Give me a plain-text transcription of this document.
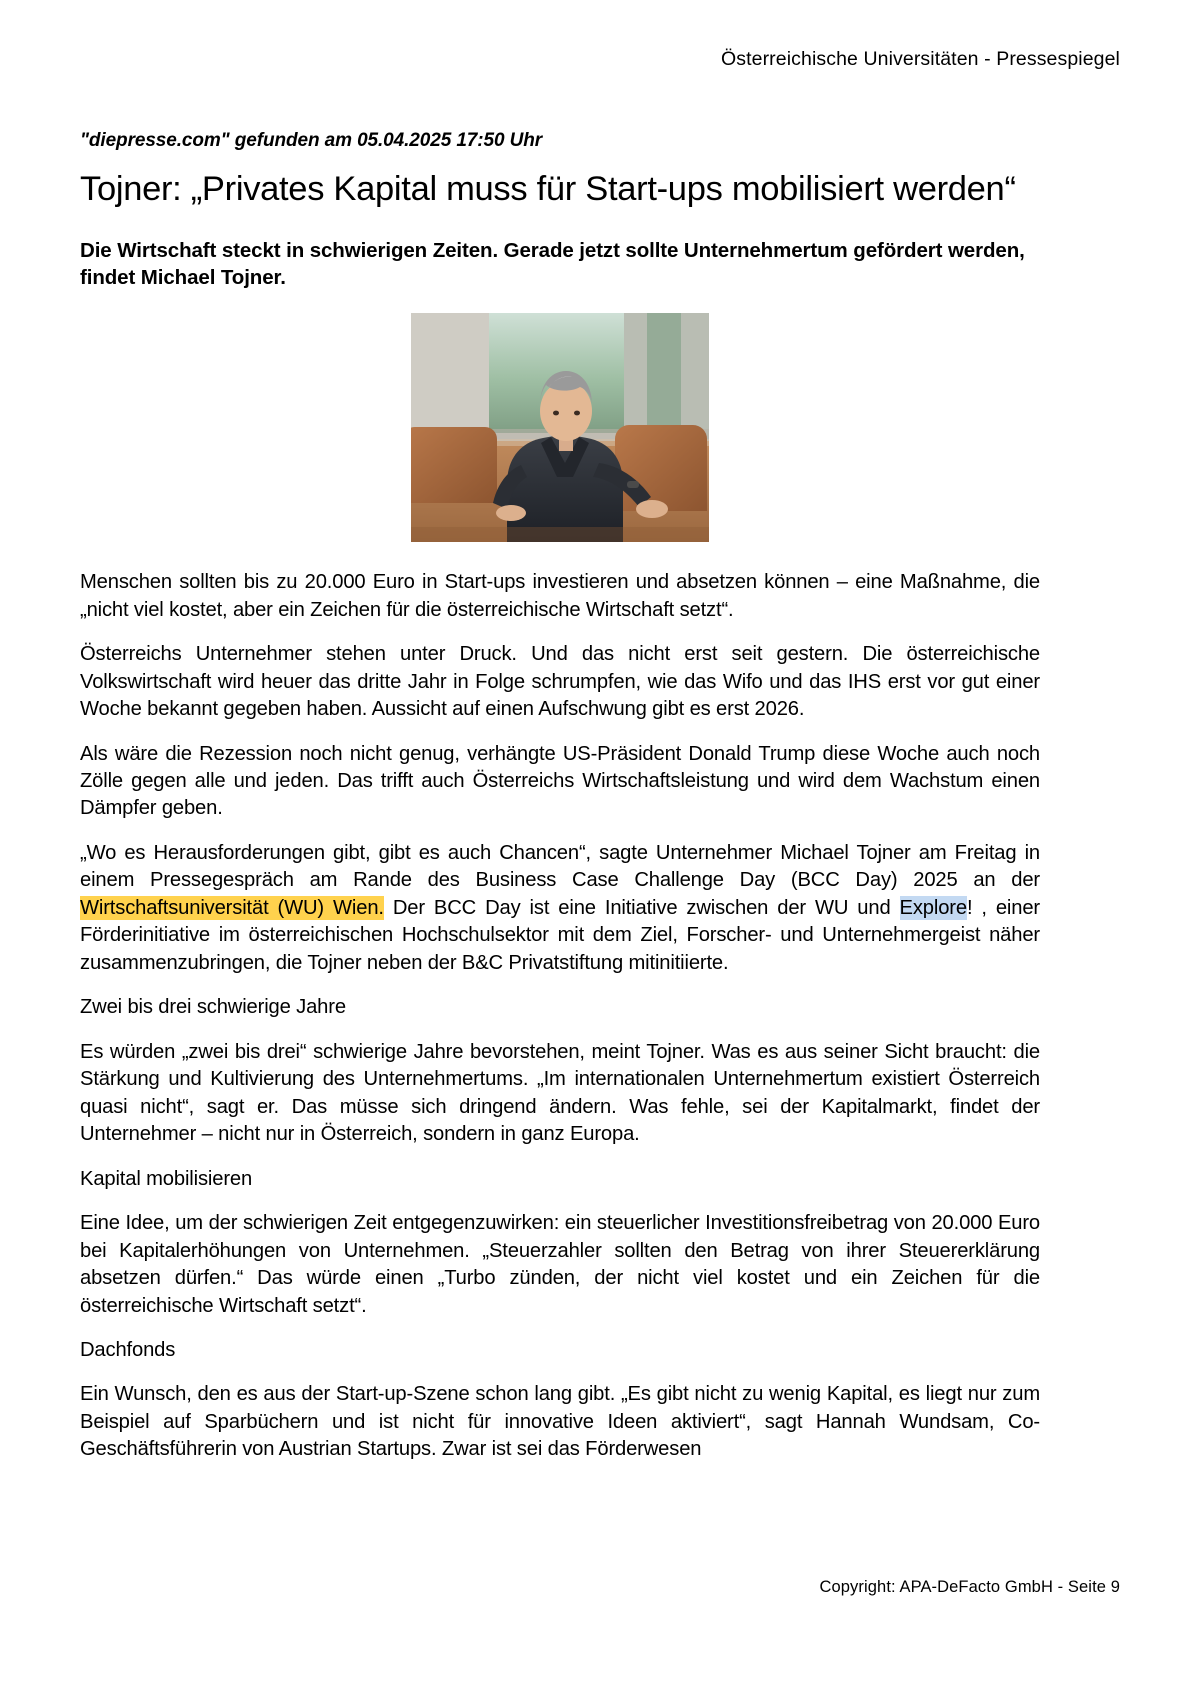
Österreichische Universitäten - Pressespiegel
"diepresse.com" gefunden am 05.04.2025 17:50 Uhr
Tojner: „Privates Kapital muss für Start-ups mobilisiert werden“
Die Wirtschaft steckt in schwierigen Zeiten. Gerade jetzt sollte Unternehmertum gefördert werden, findet Michael Tojner.

Menschen sollten bis zu 20.000 Euro in Start-ups investieren und absetzen können – eine Maßnahme, die „nicht viel kostet, aber ein Zeichen für die österreichische Wirtschaft setzt“.

Österreichs Unternehmer stehen unter Druck. Und das nicht erst seit gestern. Die österreichische Volkswirtschaft wird heuer das dritte Jahr in Folge schrumpfen, wie das Wifo und das IHS erst vor gut einer Woche bekannt gegeben haben. Aussicht auf einen Aufschwung gibt es erst 2026.

Als wäre die Rezession noch nicht genug, verhängte US-Präsident Donald Trump diese Woche auch noch Zölle gegen alle und jeden. Das trifft auch Österreichs Wirtschaftsleistung und wird dem Wachstum einen Dämpfer geben.

„Wo es Herausforderungen gibt, gibt es auch Chancen“, sagte Unternehmer Michael Tojner am Freitag in einem Pressegespräch am Rande des Business Case Challenge Day (BCC Day) 2025 an der Wirtschaftsuniversität (WU) Wien. Der BCC Day ist eine Initiative zwischen der WU und Explore! , einer Förderinitiative im österreichischen Hochschulsektor mit dem Ziel, Forscher- und Unternehmergeist näher zusammenzubringen, die Tojner neben der B&C Privatstiftung mitinitiierte.

Zwei bis drei schwierige Jahre

Es würden „zwei bis drei“ schwierige Jahre bevorstehen, meint Tojner. Was es aus seiner Sicht braucht: die Stärkung und Kultivierung des Unternehmertums. „Im internationalen Unternehmertum existiert Österreich quasi nicht“, sagt er. Das müsse sich dringend ändern. Was fehle, sei der Kapitalmarkt, findet der Unternehmer – nicht nur in Österreich, sondern in ganz Europa.

Kapital mobilisieren

Eine Idee, um der schwierigen Zeit entgegenzuwirken: ein steuerlicher Investitionsfreibetrag von 20.000 Euro bei Kapitalerhöhungen von Unternehmen. „Steuerzahler sollten den Betrag von ihrer Steuererklärung absetzen dürfen.“ Das würde einen „Turbo zünden, der nicht viel kostet und ein Zeichen für die österreichische Wirtschaft setzt“.

Dachfonds

Ein Wunsch, den es aus der Start-up-Szene schon lang gibt. „Es gibt nicht zu wenig Kapital, es liegt nur zum Beispiel auf Sparbüchern und ist nicht für innovative Ideen aktiviert“, sagt Hannah Wundsam, Co-Geschäftsführerin von Austrian Startups. Zwar ist sei das Förderwesen

Copyright: APA-DeFacto GmbH - Seite 9
